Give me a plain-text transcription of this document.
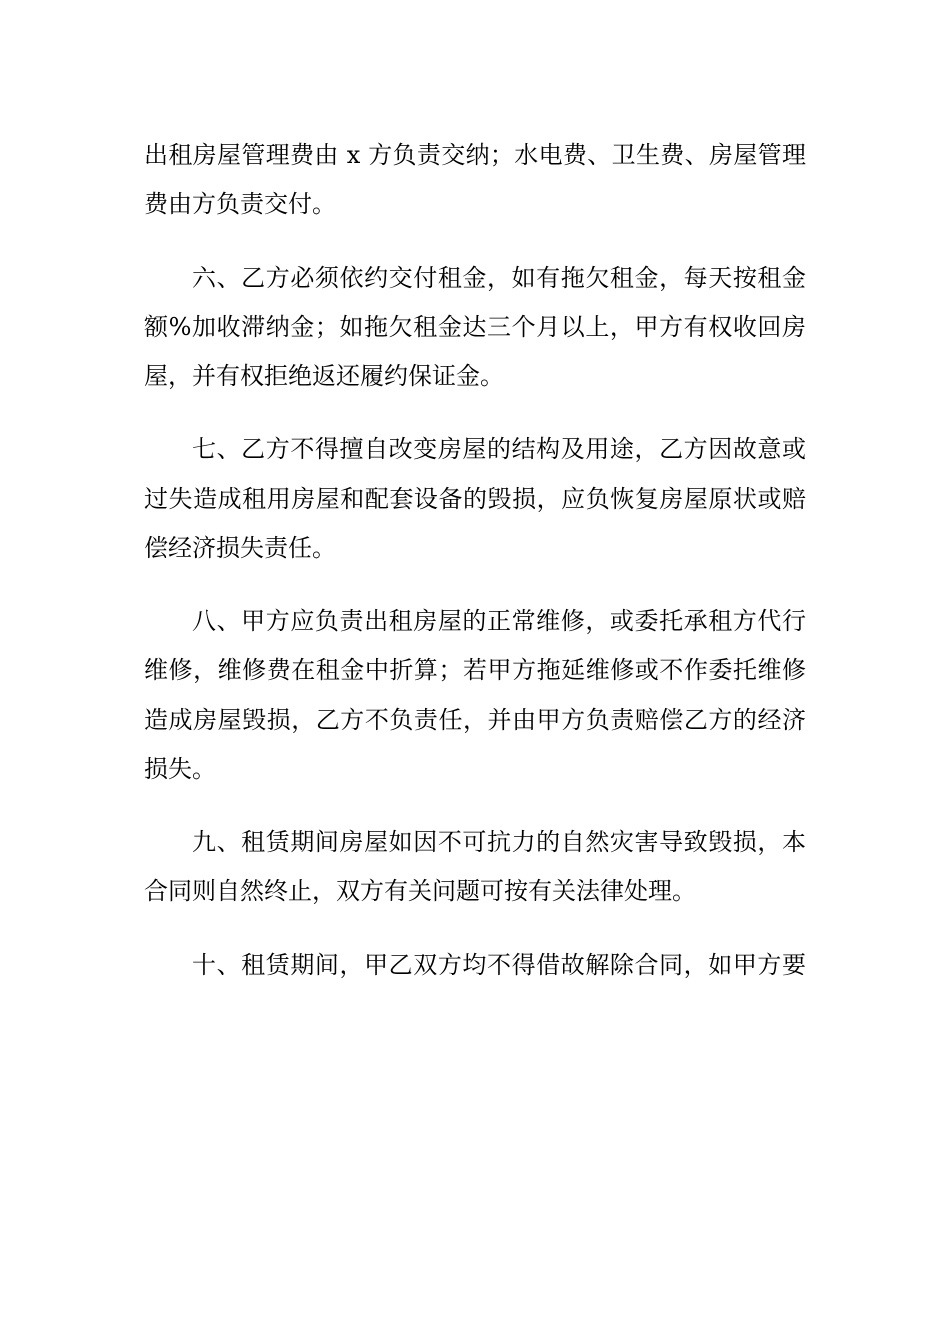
出租房屋管理费由 x 方负责交纳；水电费、卫生费、房屋管理
费由方负责交付。

六、乙方必须依约交付租金，如有拖欠租金，每天按租金
额%加收滞纳金；如拖欠租金达三个月以上，甲方有权收回房
屋，并有权拒绝返还履约保证金。

七、乙方不得擅自改变房屋的结构及用途，乙方因故意或
过失造成租用房屋和配套设备的毁损，应负恢复房屋原状或赔
偿经济损失责任。

八、甲方应负责出租房屋的正常维修，或委托承租方代行
维修，维修费在租金中折算；若甲方拖延维修或不作委托维修
造成房屋毁损，乙方不负责任，并由甲方负责赔偿乙方的经济
损失。

九、租赁期间房屋如因不可抗力的自然灾害导致毁损，本
合同则自然终止，双方有关问题可按有关法律处理。

十、租赁期间，甲乙双方均不得借故解除合同，如甲方要
